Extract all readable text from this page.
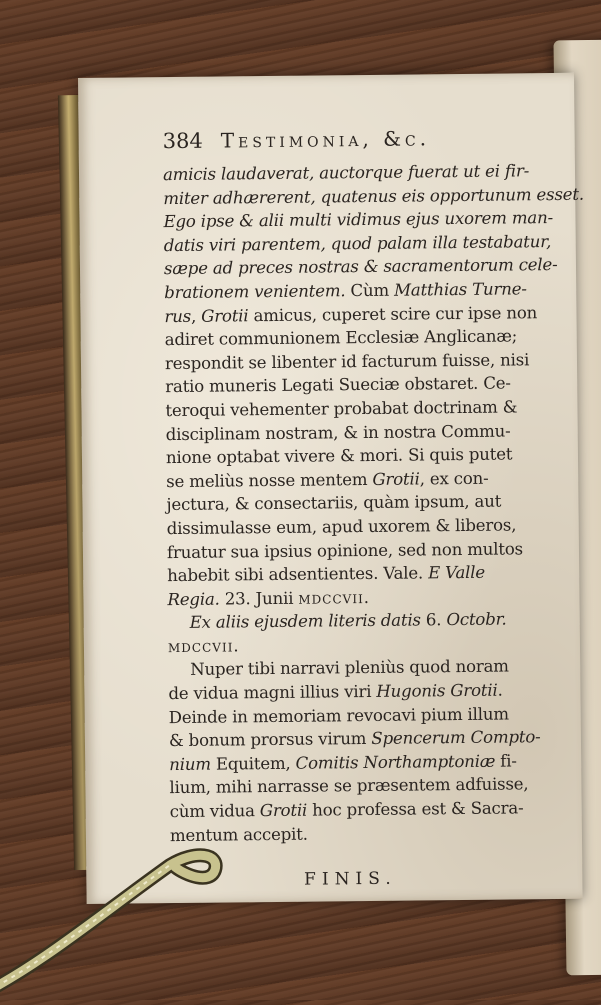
384 Testimonia, &c.
amicis laudaverat, auctorque fuerat ut ei fir-
miter adhærerent, quatenus eis opportunum esset.
Ego ipse & alii multi vidimus ejus uxorem man-
datis viri parentem, quod palam illa testabatur,
sæpe ad preces nostras & sacramentorum cele-
brationem venientem. Cùm Matthias Turne-
rus, Grotii amicus, cuperet scire cur ipse non
adiret communionem Ecclesiæ Anglicanæ;
respondit se libenter id facturum fuisse, nisi
ratio muneris Legati Sueciæ obstaret. Ce-
teroqui vehementer probabat doctrinam &
disciplinam nostram, & in nostra Commu-
nione optabat vivere & mori. Si quis putet
se meliùs nosse mentem Grotii, ex con-
jectura, & consectariis, quàm ipsum, aut
dissimulasse eum, apud uxorem & liberos,
fruatur sua ipsius opinione, sed non multos
habebit sibi adsentientes. Vale. E Valle
Regia. 23. Junii mdccvii.
Ex aliis ejusdem literis datis 6. Octobr.
mdccvii.
Nuper tibi narravi pleniùs quod noram
de vidua magni illius viri Hugonis Grotii.
Deinde in memoriam revocavi pium illum
& bonum prorsus virum Spencerum Compto-
nium Equitem, Comitis Northamptoniæ fi-
lium, mihi narrasse se præsentem adfuisse,
cùm vidua Grotii hoc professa est & Sacra-
mentum accepit.
FINIS.
